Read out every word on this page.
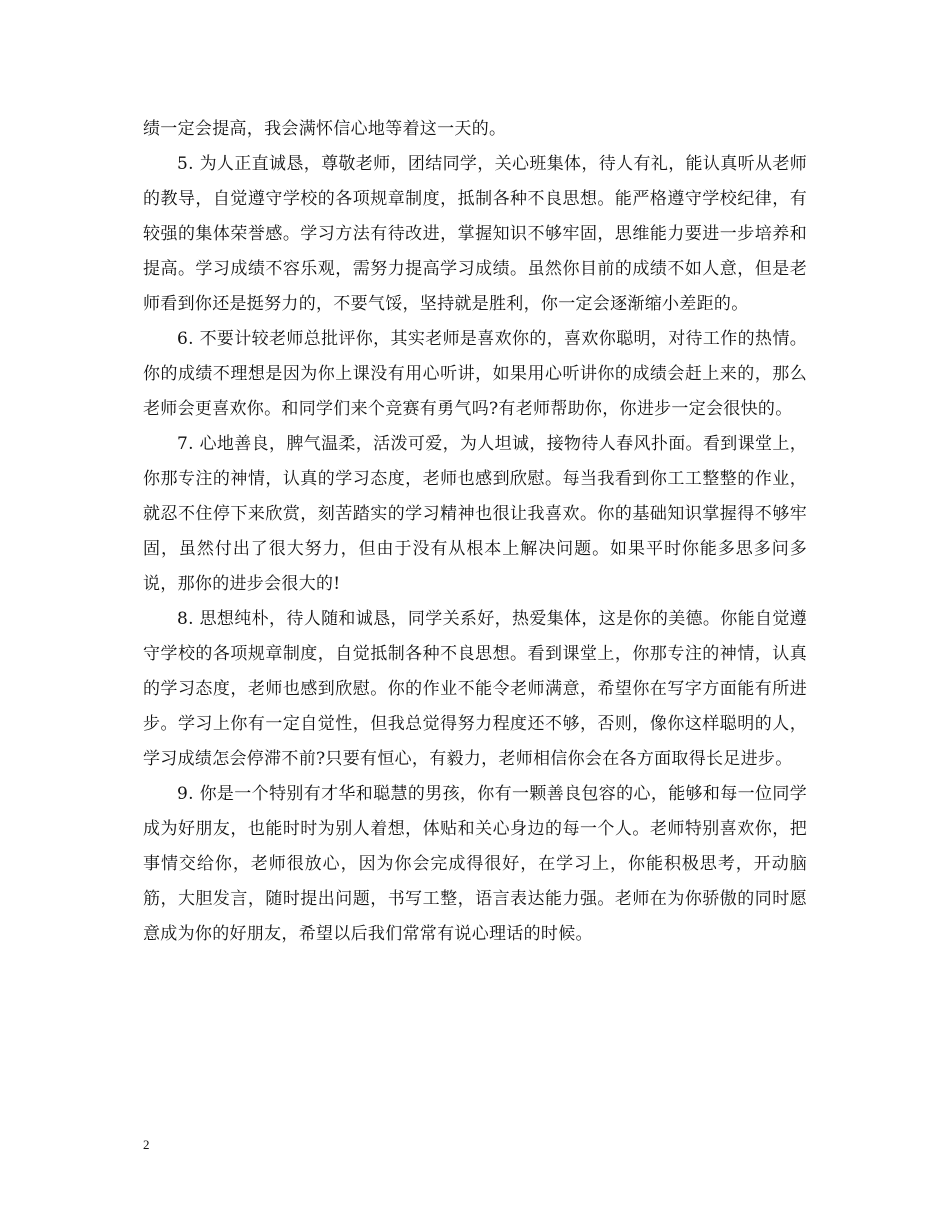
绩一定会提高，我会满怀信心地等着这一天的。

5. 为人正直诚恳，尊敬老师，团结同学，关心班集体，待人有礼，能认真听从老师的教导，自觉遵守学校的各项规章制度，抵制各种不良思想。能严格遵守学校纪律，有较强的集体荣誉感。学习方法有待改进，掌握知识不够牢固，思维能力要进一步培养和提高。学习成绩不容乐观，需努力提高学习成绩。虽然你目前的成绩不如人意，但是老师看到你还是挺努力的，不要气馁，坚持就是胜利，你一定会逐渐缩小差距的。

6. 不要计较老师总批评你，其实老师是喜欢你的，喜欢你聪明，对待工作的热情。你的成绩不理想是因为你上课没有用心听讲，如果用心听讲你的成绩会赶上来的，那么老师会更喜欢你。和同学们来个竞赛有勇气吗?有老师帮助你，你进步一定会很快的。

7. 心地善良，脾气温柔，活泼可爱，为人坦诚，接物待人春风扑面。看到课堂上，你那专注的神情，认真的学习态度，老师也感到欣慰。每当我看到你工工整整的作业，就忍不住停下来欣赏，刻苦踏实的学习精神也很让我喜欢。你的基础知识掌握得不够牢固，虽然付出了很大努力，但由于没有从根本上解决问题。如果平时你能多思多问多说，那你的进步会很大的!

8. 思想纯朴，待人随和诚恳，同学关系好，热爱集体，这是你的美德。你能自觉遵守学校的各项规章制度，自觉抵制各种不良思想。看到课堂上，你那专注的神情，认真的学习态度，老师也感到欣慰。你的作业不能令老师满意，希望你在写字方面能有所进步。学习上你有一定自觉性，但我总觉得努力程度还不够，否则，像你这样聪明的人，学习成绩怎会停滞不前?只要有恒心，有毅力，老师相信你会在各方面取得长足进步。

9. 你是一个特别有才华和聪慧的男孩，你有一颗善良包容的心，能够和每一位同学成为好朋友，也能时时为别人着想，体贴和关心身边的每一个人。老师特别喜欢你，把事情交给你，老师很放心，因为你会完成得很好，在学习上，你能积极思考，开动脑筋，大胆发言，随时提出问题，书写工整，语言表达能力强。老师在为你骄傲的同时愿意成为你的好朋友，希望以后我们常常有说心理话的时候。

2
